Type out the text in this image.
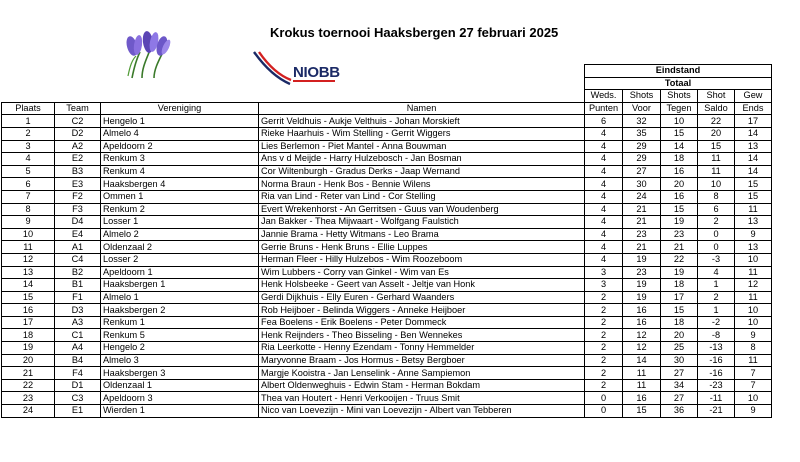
Krokus toernooi Haaksbergen 27 februari 2025
NIOBB
				Eindstand				
				Totaal				
				Weds.	Shots	Shots	Shot	Gew
Plaats	Team	Vereniging	Namen	Punten	Voor	Tegen	Saldo	Ends
1	C2	Hengelo 1	Gerrit Veldhuis - Aukje Velthuis - Johan Morskieft	6	32	10	22	17
2	D2	Almelo 4	Rieke Haarhuis - Wim Stelling - Gerrit Wiggers	4	35	15	20	14
3	A2	Apeldoorn 2	Lies Berlemon - Piet Mantel - Anna Bouwman	4	29	14	15	13
4	E2	Renkum 3	Ans v d Meijde - Harry Hulzebosch - Jan Bosman	4	29	18	11	14
5	B3	Renkum 4	Cor Wiltenburgh - Gradus Derks - Jaap Wernand	4	27	16	11	14
6	E3	Haaksbergen 4	Norma Braun - Henk Bos - Bennie Wilens	4	30	20	10	15
7	F2	Ommen 1	Ria van Lind - Reter van Lind - Cor Stelling	4	24	16	8	15
8	F3	Renkum 2	Evert Wrekenhorst - An Gerritsen - Guus van Woudenberg	4	21	15	6	11
9	D4	Losser 1	Jan Bakker - Thea Mijwaart - Wolfgang Faulstich	4	21	19	2	13
10	E4	Almelo 2	Jannie Brama - Hetty Witmans - Leo Brama	4	23	23	0	9
11	A1	Oldenzaal 2	Gerrie Bruns - Henk Bruns - Ellie Luppes	4	21	21	0	13
12	C4	Losser 2	Herman Fleer - Hilly Hulzebos - Wim Roozeboom	4	19	22	-3	10
13	B2	Apeldoorn 1	Wim Lubbers - Corry van Ginkel - Wim van Es	3	23	19	4	11
14	B1	Haaksbergen 1	Henk Holsbeeke - Geert van Asselt - Jeltje van Honk	3	19	18	1	12
15	F1	Almelo 1	Gerdi Dijkhuis - Elly Euren - Gerhard Waanders	2	19	17	2	11
16	D3	Haaksbergen 2	Rob Heijboer - Belinda Wiggers - Anneke Heijboer	2	16	15	1	10
17	A3	Renkum 1	Fea Boelens - Erik Boelens - Peter Dommeck	2	16	18	-2	10
18	C1	Renkum 5	Henk Reijnders - Theo Bisseling - Ben Wennekes	2	12	20	-8	9
19	A4	Hengelo 2	Ria Leerkotte - Henny Ezendam - Tonny Hemmelder	2	12	25	-13	8
20	B4	Almelo 3	Maryvonne Braam - Jos Hormus - Betsy Bergboer	2	14	30	-16	11
21	F4	Haaksbergen 3	Margje Kooistra - Jan Lenselink - Anne Sampiemon	2	11	27	-16	7
22	D1	Oldenzaal 1	Albert Oldenweghuis - Edwin Stam - Herman Bokdam	2	11	34	-23	7
23	C3	Apeldoorn 3	Thea van Houtert - Henri Verkooijen - Truus Smit	0	16	27	-11	10
24	E1	Wierden 1	Nico van Loevezijn - Mini van Loevezijn - Albert van Tebberen	0	15	36	-21	9
